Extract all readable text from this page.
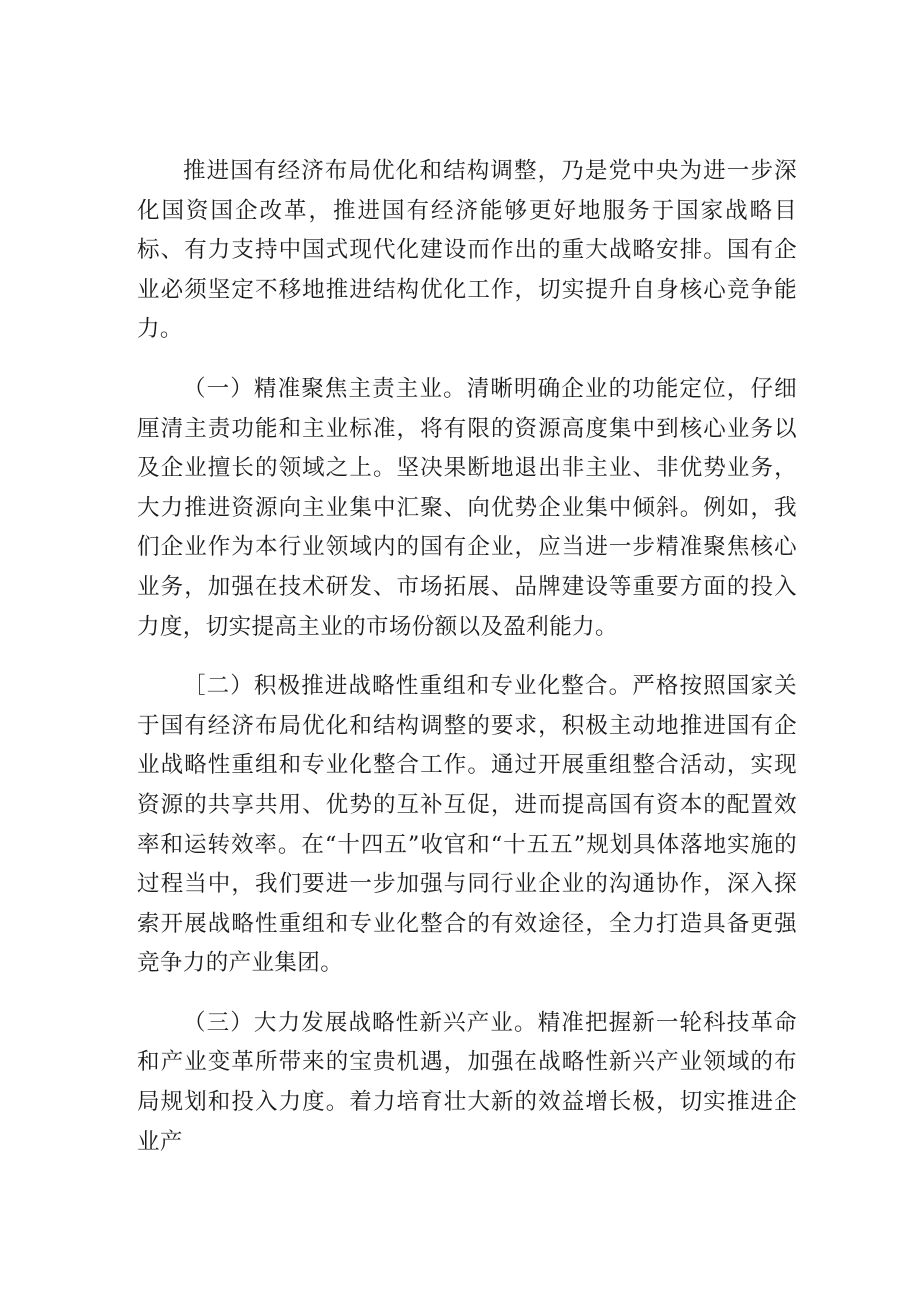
推进国有经济布局优化和结构调整，乃是党中央为进一步深化国资国企改革，推进国有经济能够更好地服务于国家战略目标、有力支持中国式现代化建设而作出的重大战略安排。国有企业必须坚定不移地推进结构优化工作，切实提升自身核心竞争能力。

（一）精准聚焦主责主业。清晰明确企业的功能定位，仔细厘清主责功能和主业标准，将有限的资源高度集中到核心业务以及企业擅长的领域之上。坚决果断地退出非主业、非优势业务，大力推进资源向主业集中汇聚、向优势企业集中倾斜。例如，我们企业作为本行业领域内的国有企业，应当进一步精准聚焦核心业务，加强在技术研发、市场拓展、品牌建设等重要方面的投入力度，切实提高主业的市场份额以及盈利能力。

［二）积极推进战略性重组和专业化整合。严格按照国家关于国有经济布局优化和结构调整的要求，积极主动地推进国有企业战略性重组和专业化整合工作。通过开展重组整合活动，实现资源的共享共用、优势的互补互促，进而提高国有资本的配置效率和运转效率。在“十四五”收官和“十五五”规划具体落地实施的过程当中，我们要进一步加强与同行业企业的沟通协作，深入探索开展战略性重组和专业化整合的有效途径，全力打造具备更强竞争力的产业集团。

（三）大力发展战略性新兴产业。精准把握新一轮科技革命和产业变革所带来的宝贵机遇，加强在战略性新兴产业领域的布局规划和投入力度。着力培育壮大新的效益增长极，切实推进企业产
